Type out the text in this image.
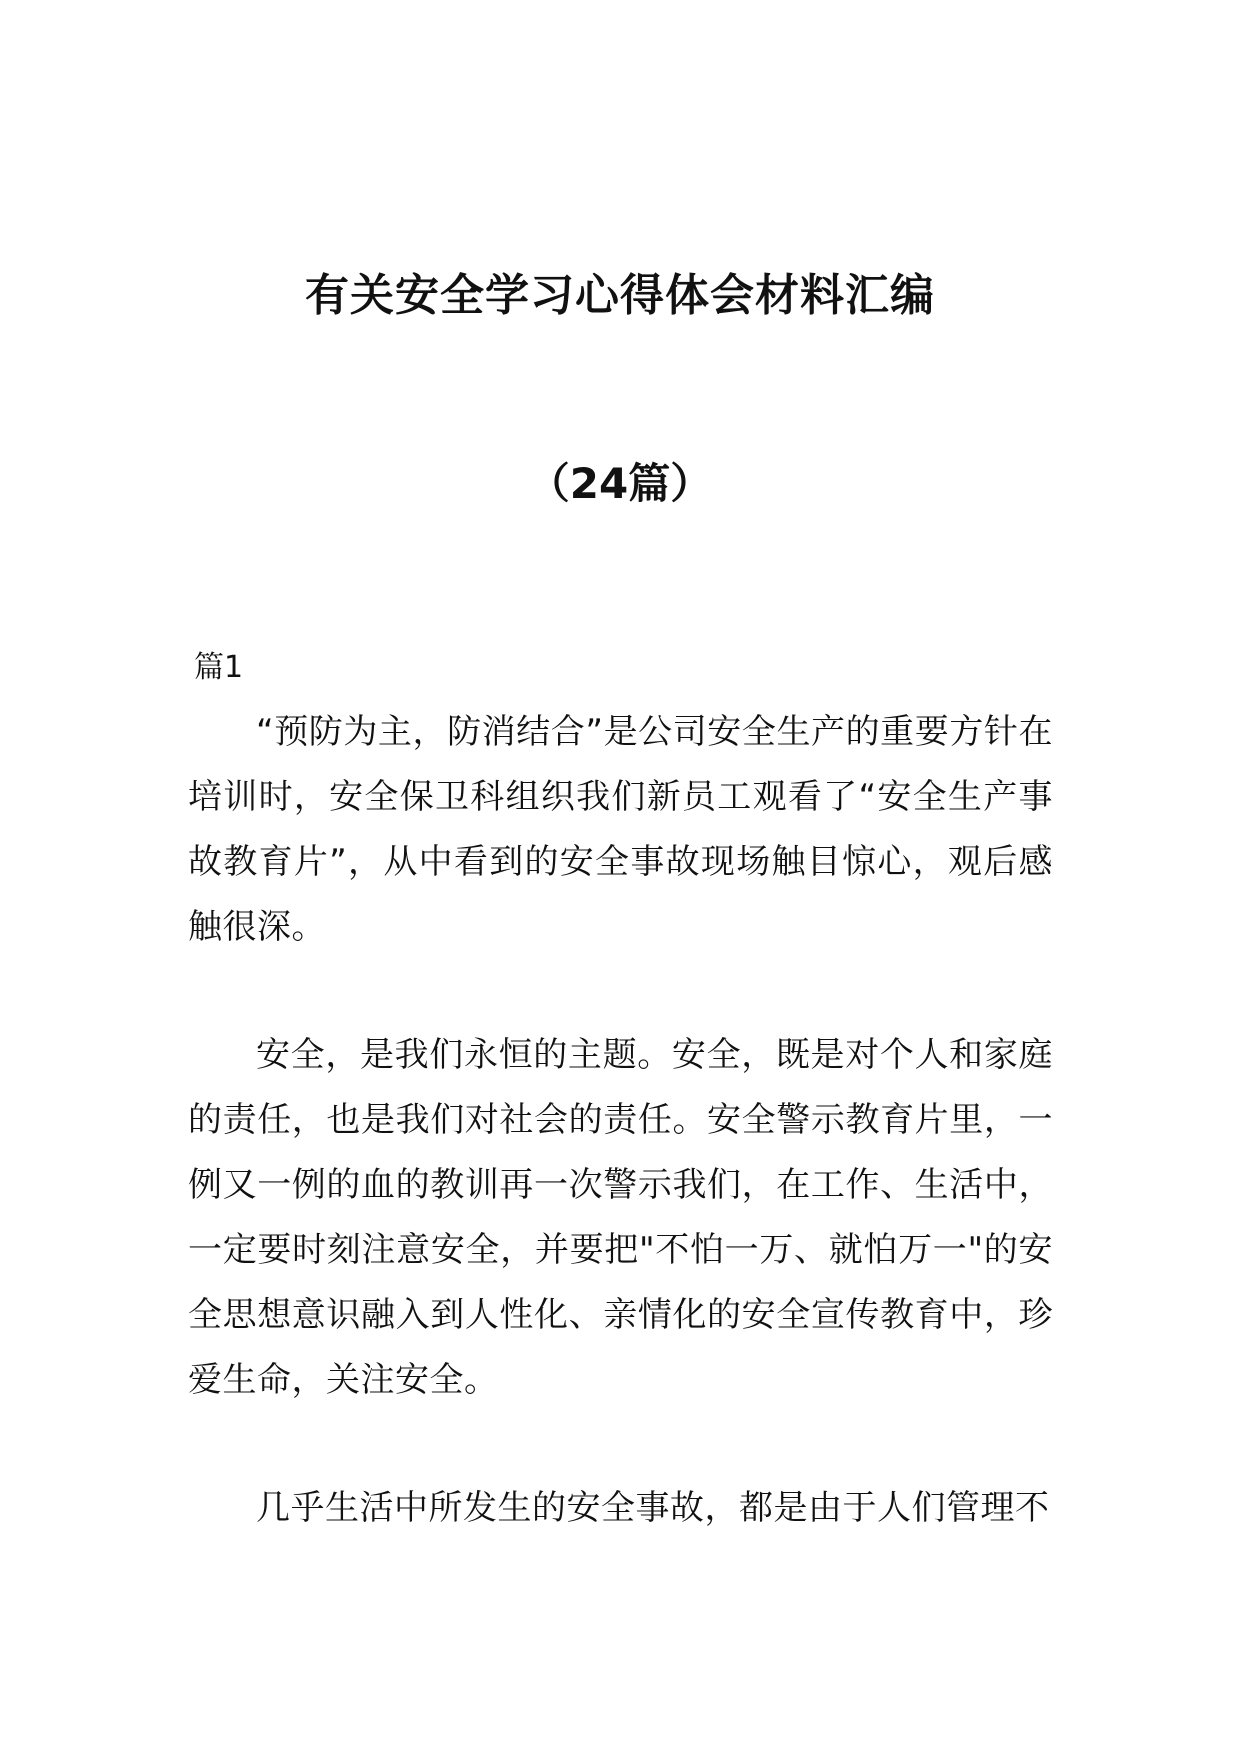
有关安全学习心得体会材料汇编
（24篇）
篇1
“预防为主，防消结合”是公司安全生产的重要方针在培训时，安全保卫科组织我们新员工观看了“安全生产事故教育片”，从中看到的安全事故现场触目惊心，观后感触很深。
安全，是我们永恒的主题。安全，既是对个人和家庭的责任，也是我们对社会的责任。安全警示教育片里，一例又一例的血的教训再一次警示我们，在工作、生活中，一定要时刻注意安全，并要把"不怕一万、就怕万一"的安全思想意识融入到人性化、亲情化的安全宣传教育中，珍爱生命，关注安全。
几乎生活中所发生的安全事故，都是由于人们管理不
